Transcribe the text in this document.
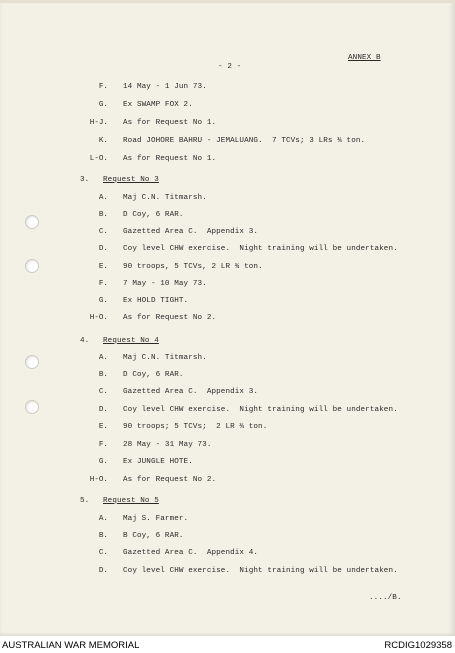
- 2 -
ANNEX B
F. 14 May - 1 Jun 73.
G. Ex SWAMP FOX 2.
H-J. As for Request No 1.
K. Road JOHORE BAHRU - JEMALUANG.  7 TCVs; 3 LRs ¾ ton.
L-O. As for Request No 1.
3. Request No 3
A. Maj C.N. Titmarsh.
B. D Coy, 6 RAR.
C. Gazetted Area C.  Appendix 3.
D. Coy level CHW exercise.  Night training will be undertaken.
E. 90 troops, 5 TCVs, 2 LR ¾ ton.
F. 7 May - 10 May 73.
G. Ex HOLD TIGHT.
H-O. As for Request No 2.
4. Request No 4
A. Maj C.N. Titmarsh.
B. D Coy, 6 RAR.
C. Gazetted Area C.  Appendix 3.
D. Coy level CHW exercise.  Night training will be undertaken.
E. 90 troops; 5 TCVs;  2 LR ¾ ton.
F. 28 May - 31 May 73.
G. Ex JUNGLE HOTE.
H-O. As for Request No 2.
5. Request No 5
A. Maj S. Farmer.
B. B Coy, 6 RAR.
C. Gazetted Area C.  Appendix 4.
D. Coy level CHW exercise.  Night training will be undertaken.
..../B.
AUSTRALIAN WAR MEMORIAL	RCDIG1029358
